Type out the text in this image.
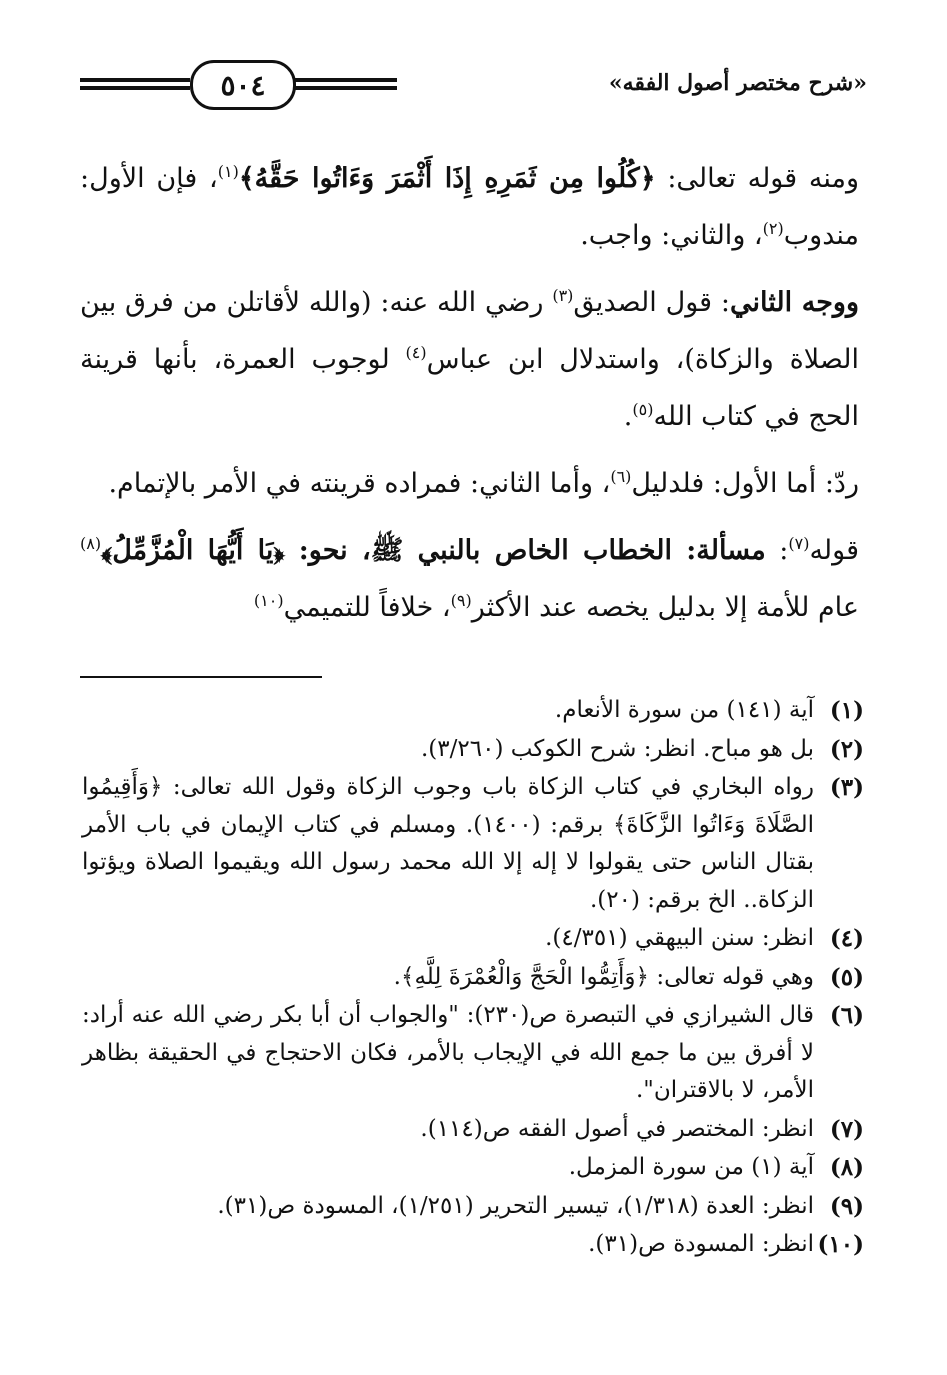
«شرح مختصر أصول الفقه»
٥٠٤

ومنه قوله تعالى: ﴿كُلُوا مِن ثَمَرِهِ إِذَا أَثْمَرَ وَءَاتُوا حَقَّهُ﴾$^{(١)}$، فإن الأول: مندوب$^{(٢)}$، والثاني: واجب.

ووجه الثاني: قول الصديق$^{(٣)}$ رضي الله عنه: (والله لأقاتلن من فرق بين الصلاة والزكاة)، واستدلال ابن عباس$^{(٤)}$ لوجوب العمرة، بأنها قرينة الحج في كتاب الله$^{(٥)}$.

ردّ: أما الأول: فلدليل$^{(٦)}$، وأما الثاني: فمراده قرينته في الأمر بالإتمام.

قوله$^{(٧)}$: مسألة: الخطاب الخاص بالنبي ﷺ، نحو: ﴿يَا أَيُّهَا الْمُزَّمِّلُ﴾$^{(٨)}$ عام للأمة إلا بدليل يخصه عند الأكثر$^{(٩)}$، خلافاً للتميمي$^{(١٠)}$

(١)
آية (١٤١) من سورة الأنعام.
(٢)
بل هو مباح. انظر: شرح الكوكب (٣/٢٦٠).
(٣)
رواه البخاري في كتاب الزكاة باب وجوب الزكاة وقول الله تعالى: ﴿وَأَقِيمُوا الصَّلَاةَ وَءَاتُوا الزَّكَاةَ﴾ برقم: (١٤٠٠). ومسلم في كتاب الإيمان في باب الأمر بقتال الناس حتى يقولوا لا إله إلا الله محمد رسول الله ويقيموا الصلاة ويؤتوا الزكاة.. الخ برقم: (٢٠).
(٤)
انظر: سنن البيهقي (٤/٣٥١).
(٥)
وهي قوله تعالى: ﴿وَأَتِمُّوا الْحَجَّ وَالْعُمْرَةَ لِلَّهِ﴾.
(٦)
قال الشيرازي في التبصرة ص(٢٣٠): "والجواب أن أبا بكر رضي الله عنه أراد: لا أفرق بين ما جمع الله في الإيجاب بالأمر، فكان الاحتجاج في الحقيقة بظاهر الأمر، لا بالاقتران".
(٧)
انظر: المختصر في أصول الفقه ص(١١٤).
(٨)
آية (١) من سورة المزمل.
(٩)
انظر: العدة (١/٣١٨)، تيسير التحرير (١/٢٥١)، المسودة ص(٣١).
(١٠)
انظر: المسودة ص(٣١).
